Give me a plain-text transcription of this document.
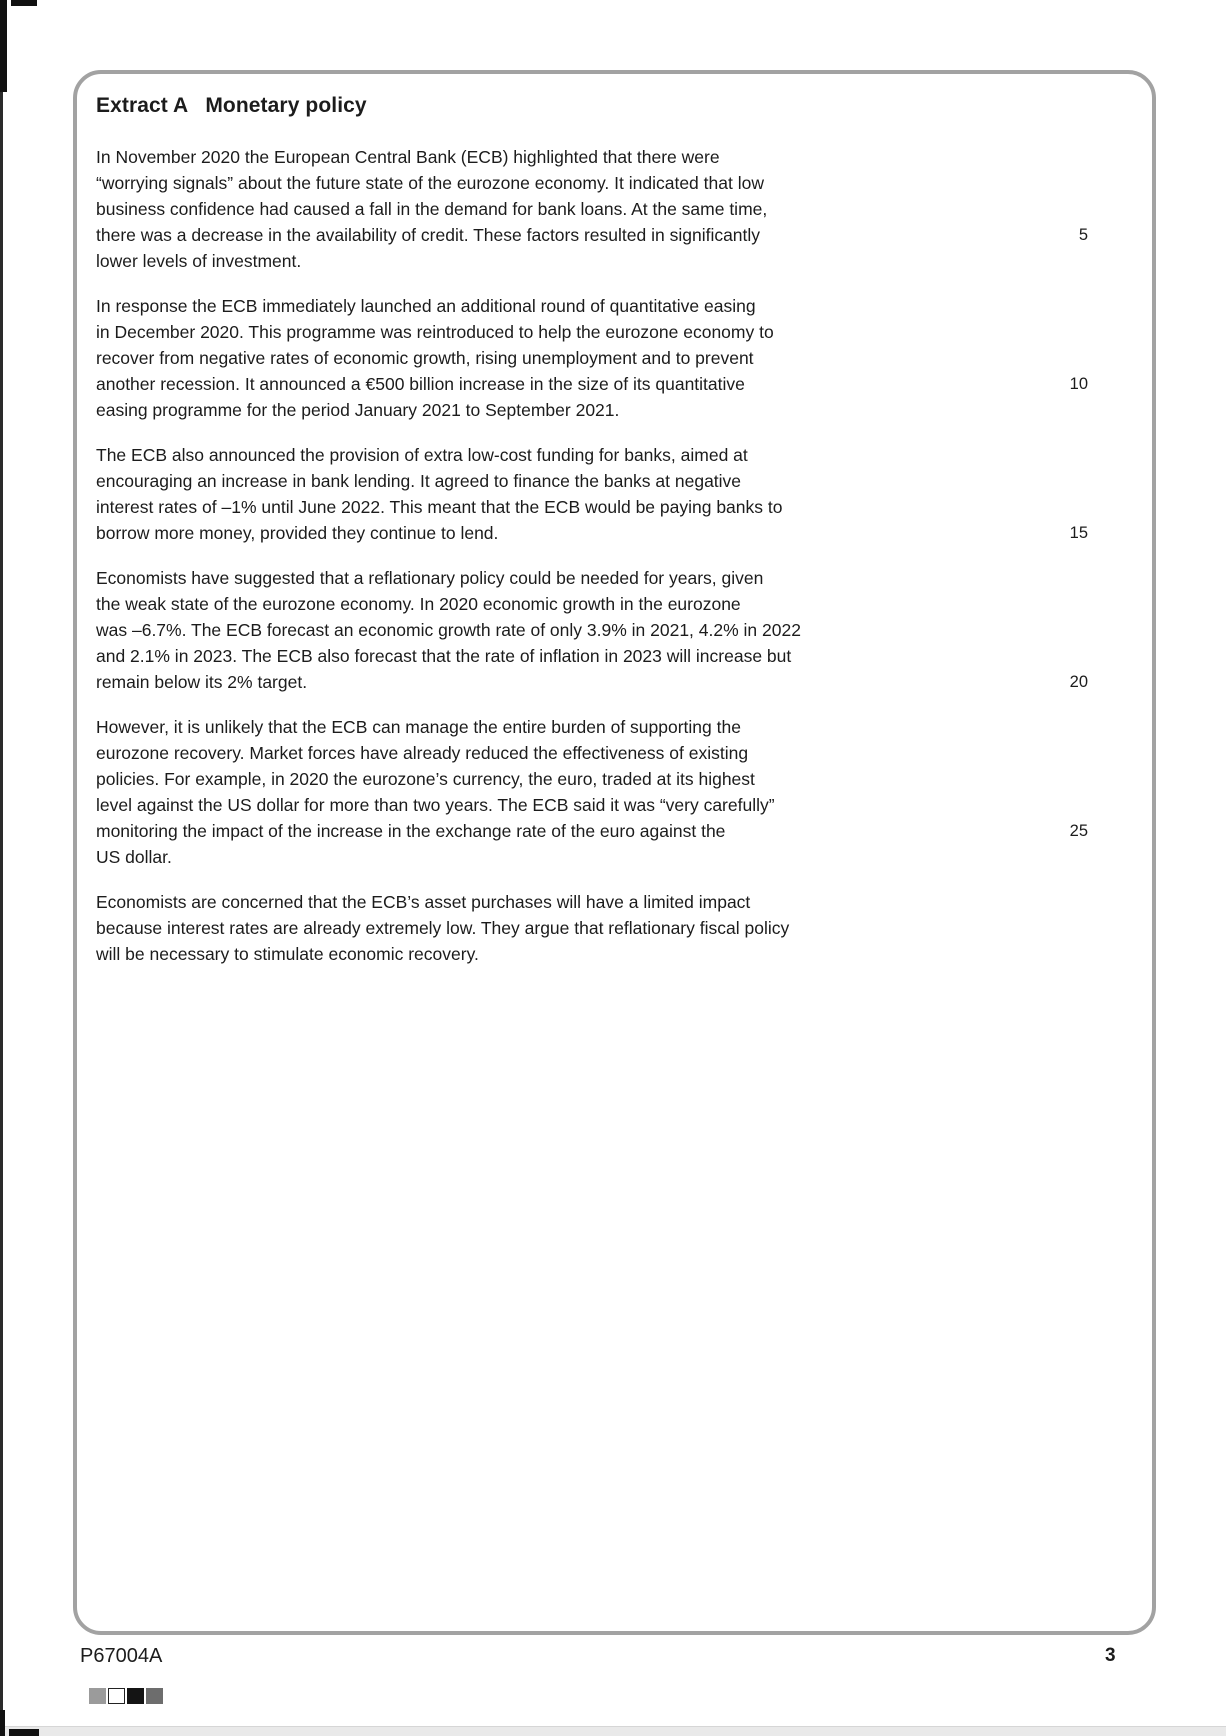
Extract A Monetary policy
In November 2020 the European Central Bank (ECB) highlighted that there were
“worrying signals” about the future state of the eurozone economy. It indicated that low
business confidence had caused a fall in the demand for bank loans. At the same time,
there was a decrease in the availability of credit. These factors resulted in significantly	5
lower levels of investment.
In response the ECB immediately launched an additional round of quantitative easing
in December 2020. This programme was reintroduced to help the eurozone economy to
recover from negative rates of economic growth, rising unemployment and to prevent
another recession. It announced a €500 billion increase in the size of its quantitative	10
easing programme for the period January 2021 to September 2021.
The ECB also announced the provision of extra low-cost funding for banks, aimed at
encouraging an increase in bank lending. It agreed to finance the banks at negative
interest rates of –1% until June 2022. This meant that the ECB would be paying banks to
borrow more money, provided they continue to lend.	15
Economists have suggested that a reflationary policy could be needed for years, given
the weak state of the eurozone economy. In 2020 economic growth in the eurozone
was –6.7%. The ECB forecast an economic growth rate of only 3.9% in 2021, 4.2% in 2022
and 2.1% in 2023. The ECB also forecast that the rate of inflation in 2023 will increase but
remain below its 2% target.	20
However, it is unlikely that the ECB can manage the entire burden of supporting the
eurozone recovery. Market forces have already reduced the effectiveness of existing
policies. For example, in 2020 the eurozone’s currency, the euro, traded at its highest
level against the US dollar for more than two years. The ECB said it was “very carefully”
monitoring the impact of the increase in the exchange rate of the euro against the	25
US dollar.
Economists are concerned that the ECB’s asset purchases will have a limited impact
because interest rates are already extremely low. They argue that reflationary fiscal policy
will be necessary to stimulate economic recovery.
P67004A	3
